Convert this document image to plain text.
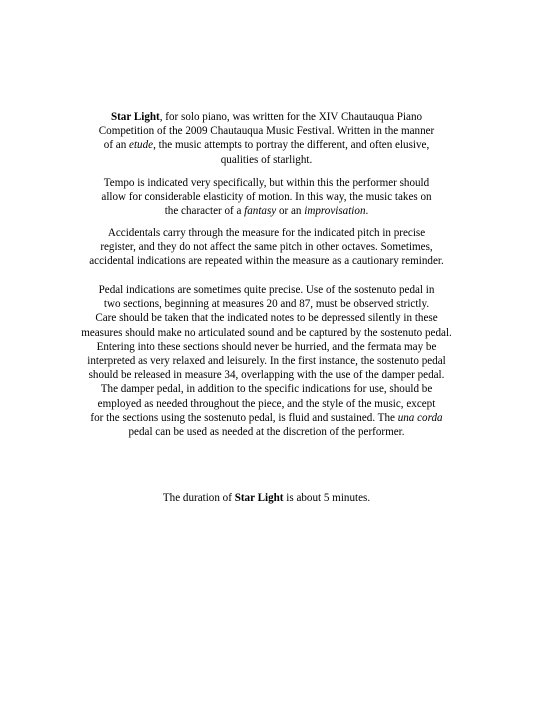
Star Light, for solo piano, was written for the XIV Chautauqua Piano
Competition of the 2009 Chautauqua Music Festival. Written in the manner
of an etude, the music attempts to portray the different, and often elusive,
qualities of starlight.

Tempo is indicated very specifically, but within this the performer should
allow for considerable elasticity of motion. In this way, the music takes on
the character of a fantasy or an improvisation.

Accidentals carry through the measure for the indicated pitch in precise
register, and they do not affect the same pitch in other octaves. Sometimes,
accidental indications are repeated within the measure as a cautionary reminder.

Pedal indications are sometimes quite precise. Use of the sostenuto pedal in
two sections, beginning at measures 20 and 87, must be observed strictly.
Care should be taken that the indicated notes to be depressed silently in these
measures should make no articulated sound and be captured by the sostenuto pedal.
Entering into these sections should never be hurried, and the fermata may be
interpreted as very relaxed and leisurely. In the first instance, the sostenuto pedal
should be released in measure 34, overlapping with the use of the damper pedal.
The damper pedal, in addition to the specific indications for use, should be
employed as needed throughout the piece, and the style of the music, except
for the sections using the sostenuto pedal, is fluid and sustained. The una corda
pedal can be used as needed at the discretion of the performer.

The duration of Star Light is about 5 minutes.
